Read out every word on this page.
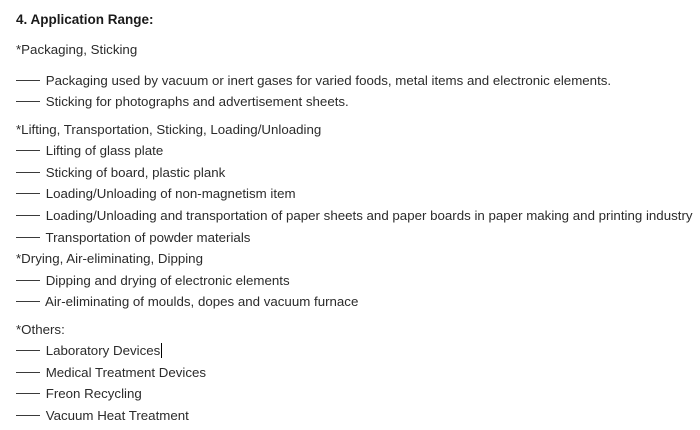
4. Application Range:
*Packaging, Sticking
Packaging used by vacuum or inert gases for varied foods, metal items and electronic elements.
Sticking for photographs and advertisement sheets.
*Lifting, Transportation, Sticking, Loading/Unloading
Lifting of glass plate
Sticking of board, plastic plank
Loading/Unloading of non-magnetism item
Loading/Unloading and transportation of paper sheets and paper boards in paper making and printing industry
Transportation of powder materials
*Drying, Air-eliminating, Dipping
Dipping and drying of electronic elements
Air-eliminating of moulds, dopes and vacuum furnace
*Others:
Laboratory Devices
Medical Treatment Devices
Freon Recycling
Vacuum Heat Treatment
